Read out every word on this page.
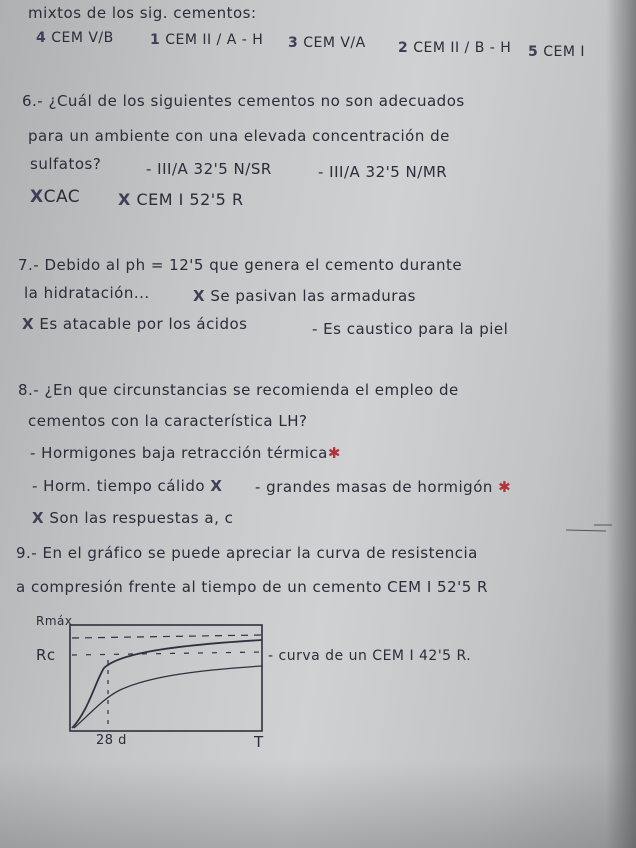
mixtos de los sig. cementos:
4 CEM V/B	1 CEM II / A - H 3 CEM V/A 2 CEM II / B - H 5 CEM I
6.- ¿Cuál de los siguientes cementos no son adecuados
para un ambiente con una elevada concentración de
sulfatos?	- III/A 32'5 N/SR	- III/A 32'5 N/MR
XCAC X CEM I 52'5 R
7.- Debido al ph = 12'5 que genera el cemento durante
la hidratación...	X Se pasivan las armaduras
X Es atacable por los ácidos	- Es caustico para la piel
8.- ¿En que circunstancias se recomienda el empleo de
cementos con la característica LH?
- Hormigones baja retracción térmica✱
- Horm. tiempo cálido X - grandes masas de hormigón ✱
X Son las respuestas a, c
9.- En el gráfico se puede apreciar la curva de resistencia
a compresión frente al tiempo de un cemento CEM I 52'5 R
Rmáx
Rc
28 d	T
- curva de un CEM I 42'5 R.
